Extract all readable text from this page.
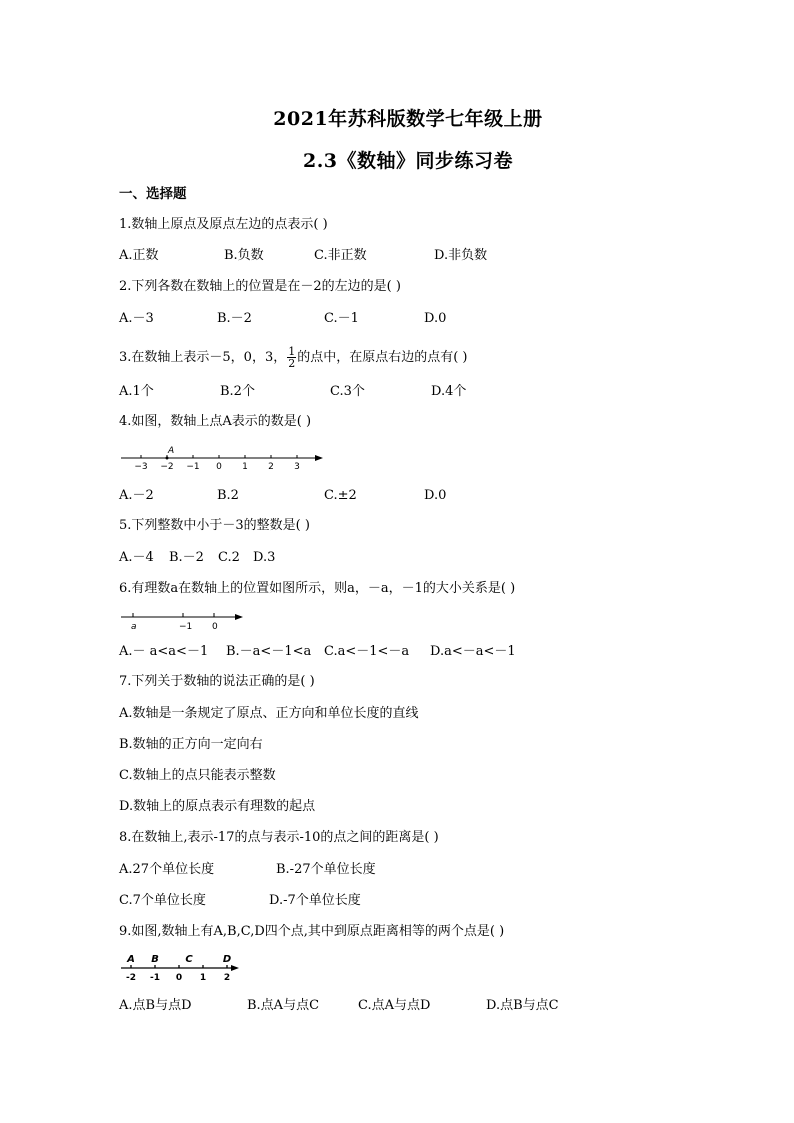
2021年苏科版数学七年级上册
2.3《数轴》同步练习卷
一、选择题
1.数轴上原点及原点左边的点表示( )
A.正数	B.负数	C.非正数	D.非负数
2.下列各数在数轴上的位置是在－2的左边的是( )
A.－3	B.－2	C.－1	D.0
3.在数轴上表示－5，0，3， $\frac{1}{2}$ 的点中，在原点右边的点有( )
A.1个	B.2个	C.3个	D.4个
4.如图，数轴上点A表示的数是( )
−3 −2 −1 0 1 2 3
A
A.－2	B.2	C.±2	D.0
5.下列整数中小于－3的整数是( )
A.－4 B.－2 C.2 D.3
6.有理数a在数轴上的位置如图所示，则a，－a，－1的大小关系是( )
a	−1 0
A.－ a<a<－1 B.－a<－1<a C.a<－1<－a D.a<－a<－1
7.下列关于数轴的说法正确的是( )
A.数轴是一条规定了原点、正方向和单位长度的直线
B.数轴的正方向一定向右
C.数轴上的点只能表示整数
D.数轴上的原点表示有理数的起点
8.在数轴上,表示-17的点与表示-10的点之间的距离是( )
A.27个单位长度	B.-27个单位长度
C.7个单位长度	D.-7个单位长度
9.如图,数轴上有A,B,C,D四个点,其中到原点距离相等的两个点是( )
A B	C	D
-2 -1 0 1 2
A.点B与点D	B.点A与点C	C.点A与点D	D.点B与点C
